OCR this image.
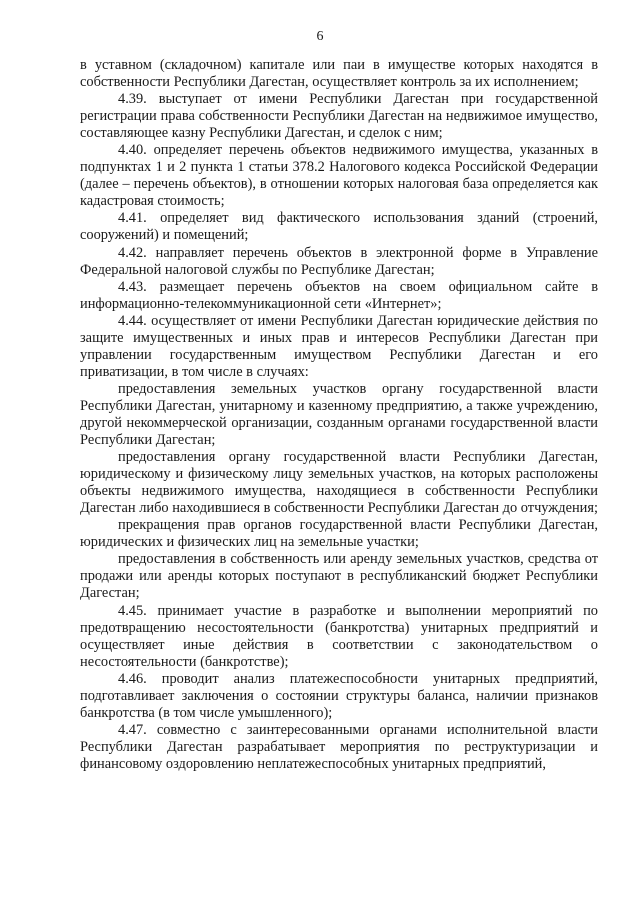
6

в уставном (складочном) капитале или паи в имуществе которых находятся в собственности Республики Дагестан, осуществляет контроль за их исполнением;

4.39. выступает от имени Республики Дагестан при государственной регистрации права собственности Республики Дагестан на недвижимое имущество, составляющее казну Республики Дагестан, и сделок с ним;

4.40. определяет перечень объектов недвижимого имущества, указанных в подпунктах 1 и 2 пункта 1 статьи 378.2 Налогового кодекса Российской Федерации (далее – перечень объектов), в отношении которых налоговая база определяется как кадастровая стоимость;

4.41. определяет вид фактического использования зданий (строений, сооружений) и помещений;

4.42. направляет перечень объектов в электронной форме в Управление Федеральной налоговой службы по Республике Дагестан;

4.43. размещает перечень объектов на своем официальном сайте в информационно-телекоммуникационной сети «Интернет»;

4.44. осуществляет от имени Республики Дагестан юридические действия по защите имущественных и иных прав и интересов Республики Дагестан при управлении государственным имуществом Республики Дагестан и его приватизации, в том числе в случаях:

предоставления земельных участков органу государственной власти Республики Дагестан, унитарному и казенному предприятию, а также учреждению, другой некоммерческой организации, созданным органами государственной власти Республики Дагестан;

предоставления органу государственной власти Республики Дагестан, юридическому и физическому лицу земельных участков, на которых расположены объекты недвижимого имущества, находящиеся в собственности Республики Дагестан либо находившиеся в собственности Республики Дагестан до отчуждения;

прекращения прав органов государственной власти Республики Дагестан, юридических и физических лиц на земельные участки;

предоставления в собственность или аренду земельных участков, средства от продажи или аренды которых поступают в республиканский бюджет Республики Дагестан;

4.45. принимает участие в разработке и выполнении мероприятий по предотвращению несостоятельности (банкротства) унитарных предприятий и осуществляет иные действия в соответствии с законодательством о несостоятельности (банкротстве);

4.46. проводит анализ платежеспособности унитарных предприятий, подготавливает заключения о состоянии структуры баланса, наличии признаков банкротства (в том числе умышленного);

4.47. совместно с заинтересованными органами исполнительной власти Республики Дагестан разрабатывает мероприятия по реструктуризации и финансовому оздоровлению неплатежеспособных унитарных предприятий,
